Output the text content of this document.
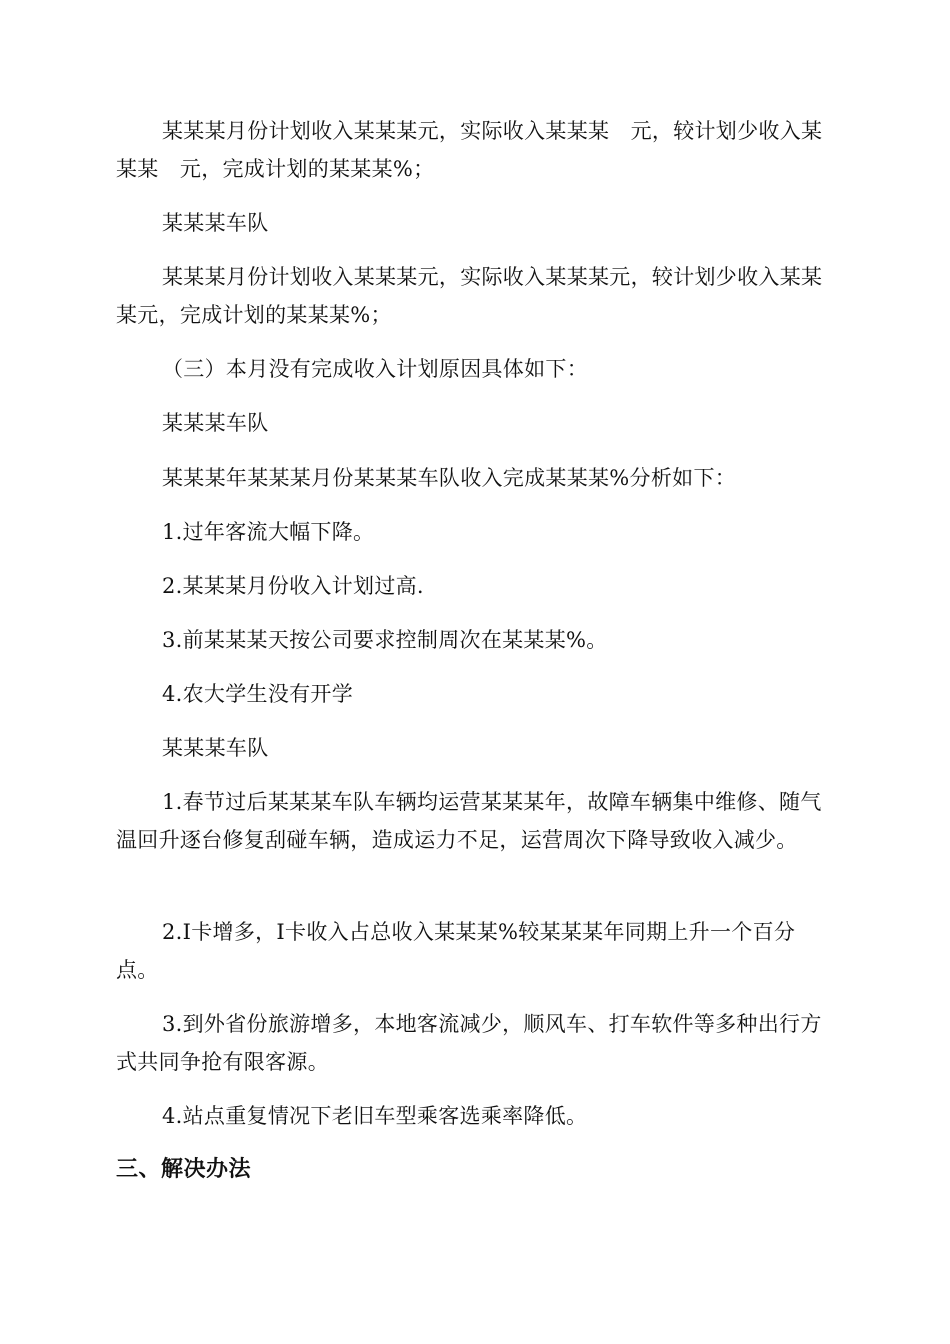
某某某月份计划收入某某某元，实际收入某某某　元，较计划少收入某某某　元，完成计划的某某某%；

某某某车队

某某某月份计划收入某某某元，实际收入某某某元，较计划少收入某某某元，完成计划的某某某%；

（三）本月没有完成收入计划原因具体如下：

某某某车队

某某某年某某某月份某某某车队收入完成某某某%分析如下：

1.过年客流大幅下降。

2.某某某月份收入计划过高.

3.前某某某天按公司要求控制周次在某某某%。

4.农大学生没有开学

某某某车队

1.春节过后某某某车队车辆均运营某某某年，故障车辆集中维修、随气温回升逐台修复刮碰车辆，造成运力不足，运营周次下降导致收入减少。

2.I卡增多，I卡收入占总收入某某某%较某某某年同期上升一个百分点。

3.到外省份旅游增多，本地客流减少，顺风车、打车软件等多种出行方式共同争抢有限客源。

4.站点重复情况下老旧车型乘客选乘率降低。

三、解决办法
